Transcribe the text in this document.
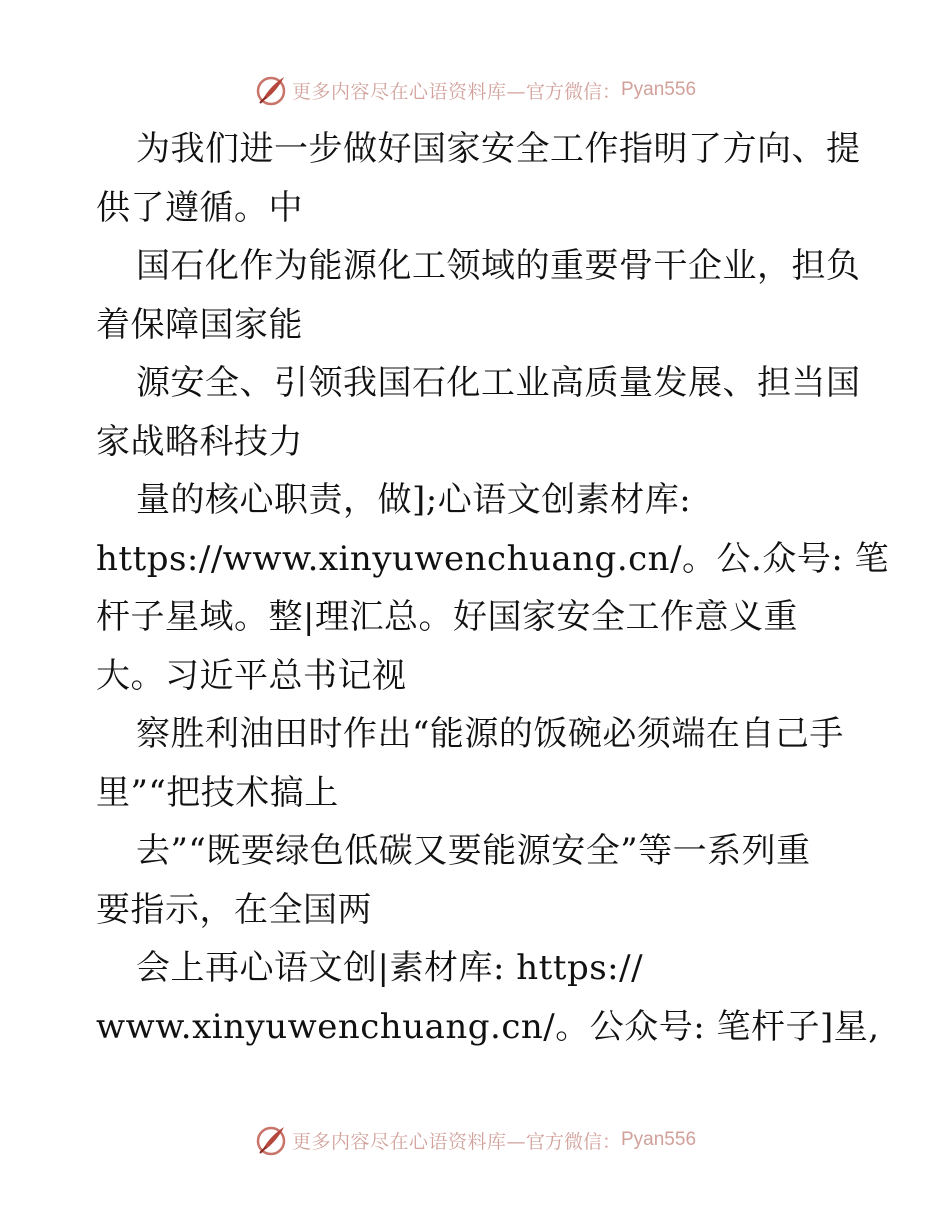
更多内容尽在心语资料库— 官方微信： Pyan556
为我们进一步做好国家安全工作指明了方向、提
供了遵循。中
国石化作为能源化工领域的重要骨干企业，担负
着保障国家能
源安全、引领我国石化工业高质量发展、担当国
家战略科技力
量的核心职责，做];心语文创素材库:
https://www.xinyuwenchuang.cn/。公.众号: 笔
杆子星域。整|理汇总。好国家安全工作意义重
大。习近平总书记视
察胜利油田时作出“能源的饭碗必须端在自己手
里”“把技术搞上
去”“既要绿色低碳又要能源安全”等一系列重
要指示，在全国两
会上再心语文创|素材库: https://
www.xinyuwenchuang.cn/。公众号: 笔杆子]星,
更多内容尽在心语资料库— 官方微信： Pyan556
